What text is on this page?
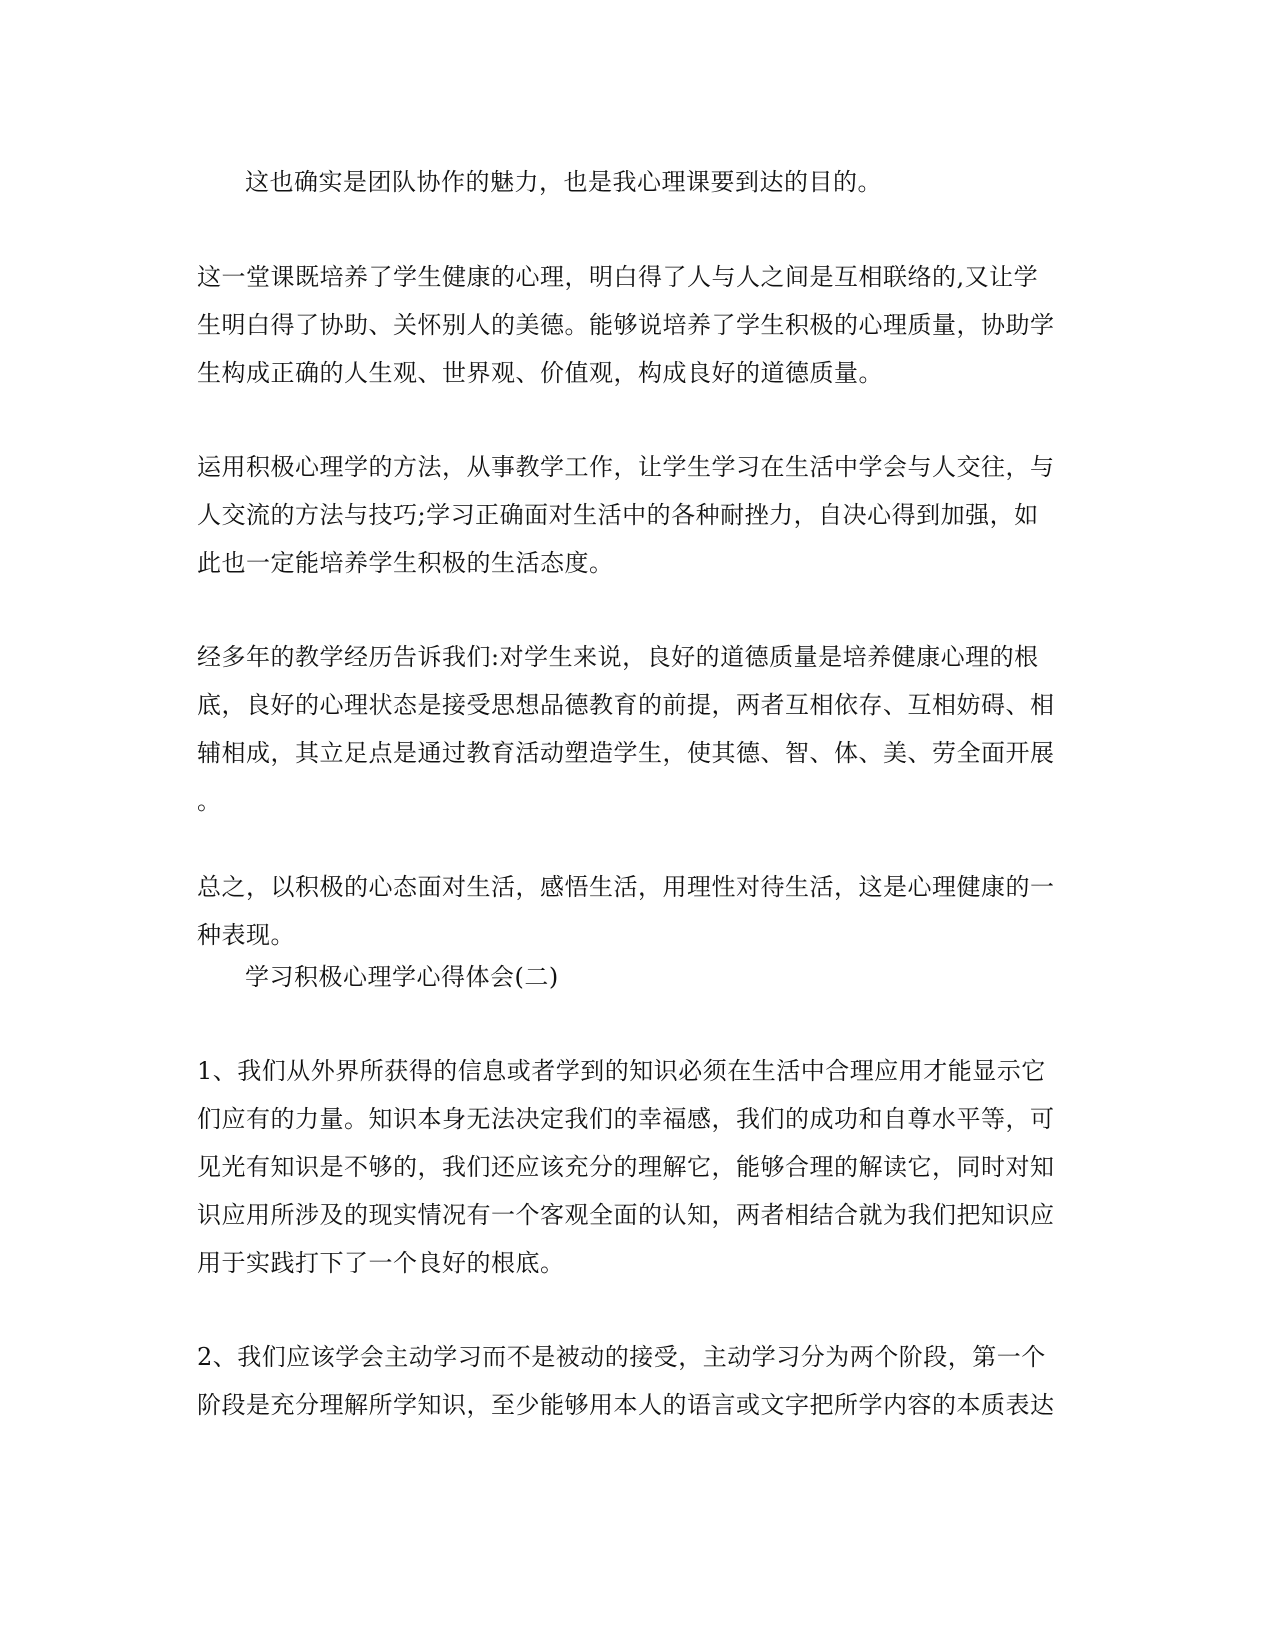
这也确实是团队协作的魅力，也是我心理课要到达的目的。
这一堂课既培养了学生健康的心理，明白得了人与人之间是互相联络的,又让学
生明白得了协助、关怀别人的美德。能够说培养了学生积极的心理质量，协助学
生构成正确的人生观、世界观、价值观，构成良好的道德质量。
运用积极心理学的方法，从事教学工作，让学生学习在生活中学会与人交往，与
人交流的方法与技巧;学习正确面对生活中的各种耐挫力，自决心得到加强，如
此也一定能培养学生积极的生活态度。
经多年的教学经历告诉我们:对学生来说，良好的道德质量是培养健康心理的根
底，良好的心理状态是接受思想品德教育的前提，两者互相依存、互相妨碍、相
辅相成，其立足点是通过教育活动塑造学生，使其德、智、体、美、劳全面开展
。
总之，以积极的心态面对生活，感悟生活，用理性对待生活，这是心理健康的一
种表现。
学习积极心理学心得体会(二)
1、我们从外界所获得的信息或者学到的知识必须在生活中合理应用才能显示它
们应有的力量。知识本身无法决定我们的幸福感，我们的成功和自尊水平等，可
见光有知识是不够的，我们还应该充分的理解它，能够合理的解读它，同时对知
识应用所涉及的现实情况有一个客观全面的认知，两者相结合就为我们把知识应
用于实践打下了一个良好的根底。
2、我们应该学会主动学习而不是被动的接受，主动学习分为两个阶段，第一个
阶段是充分理解所学知识，至少能够用本人的语言或文字把所学内容的本质表达
